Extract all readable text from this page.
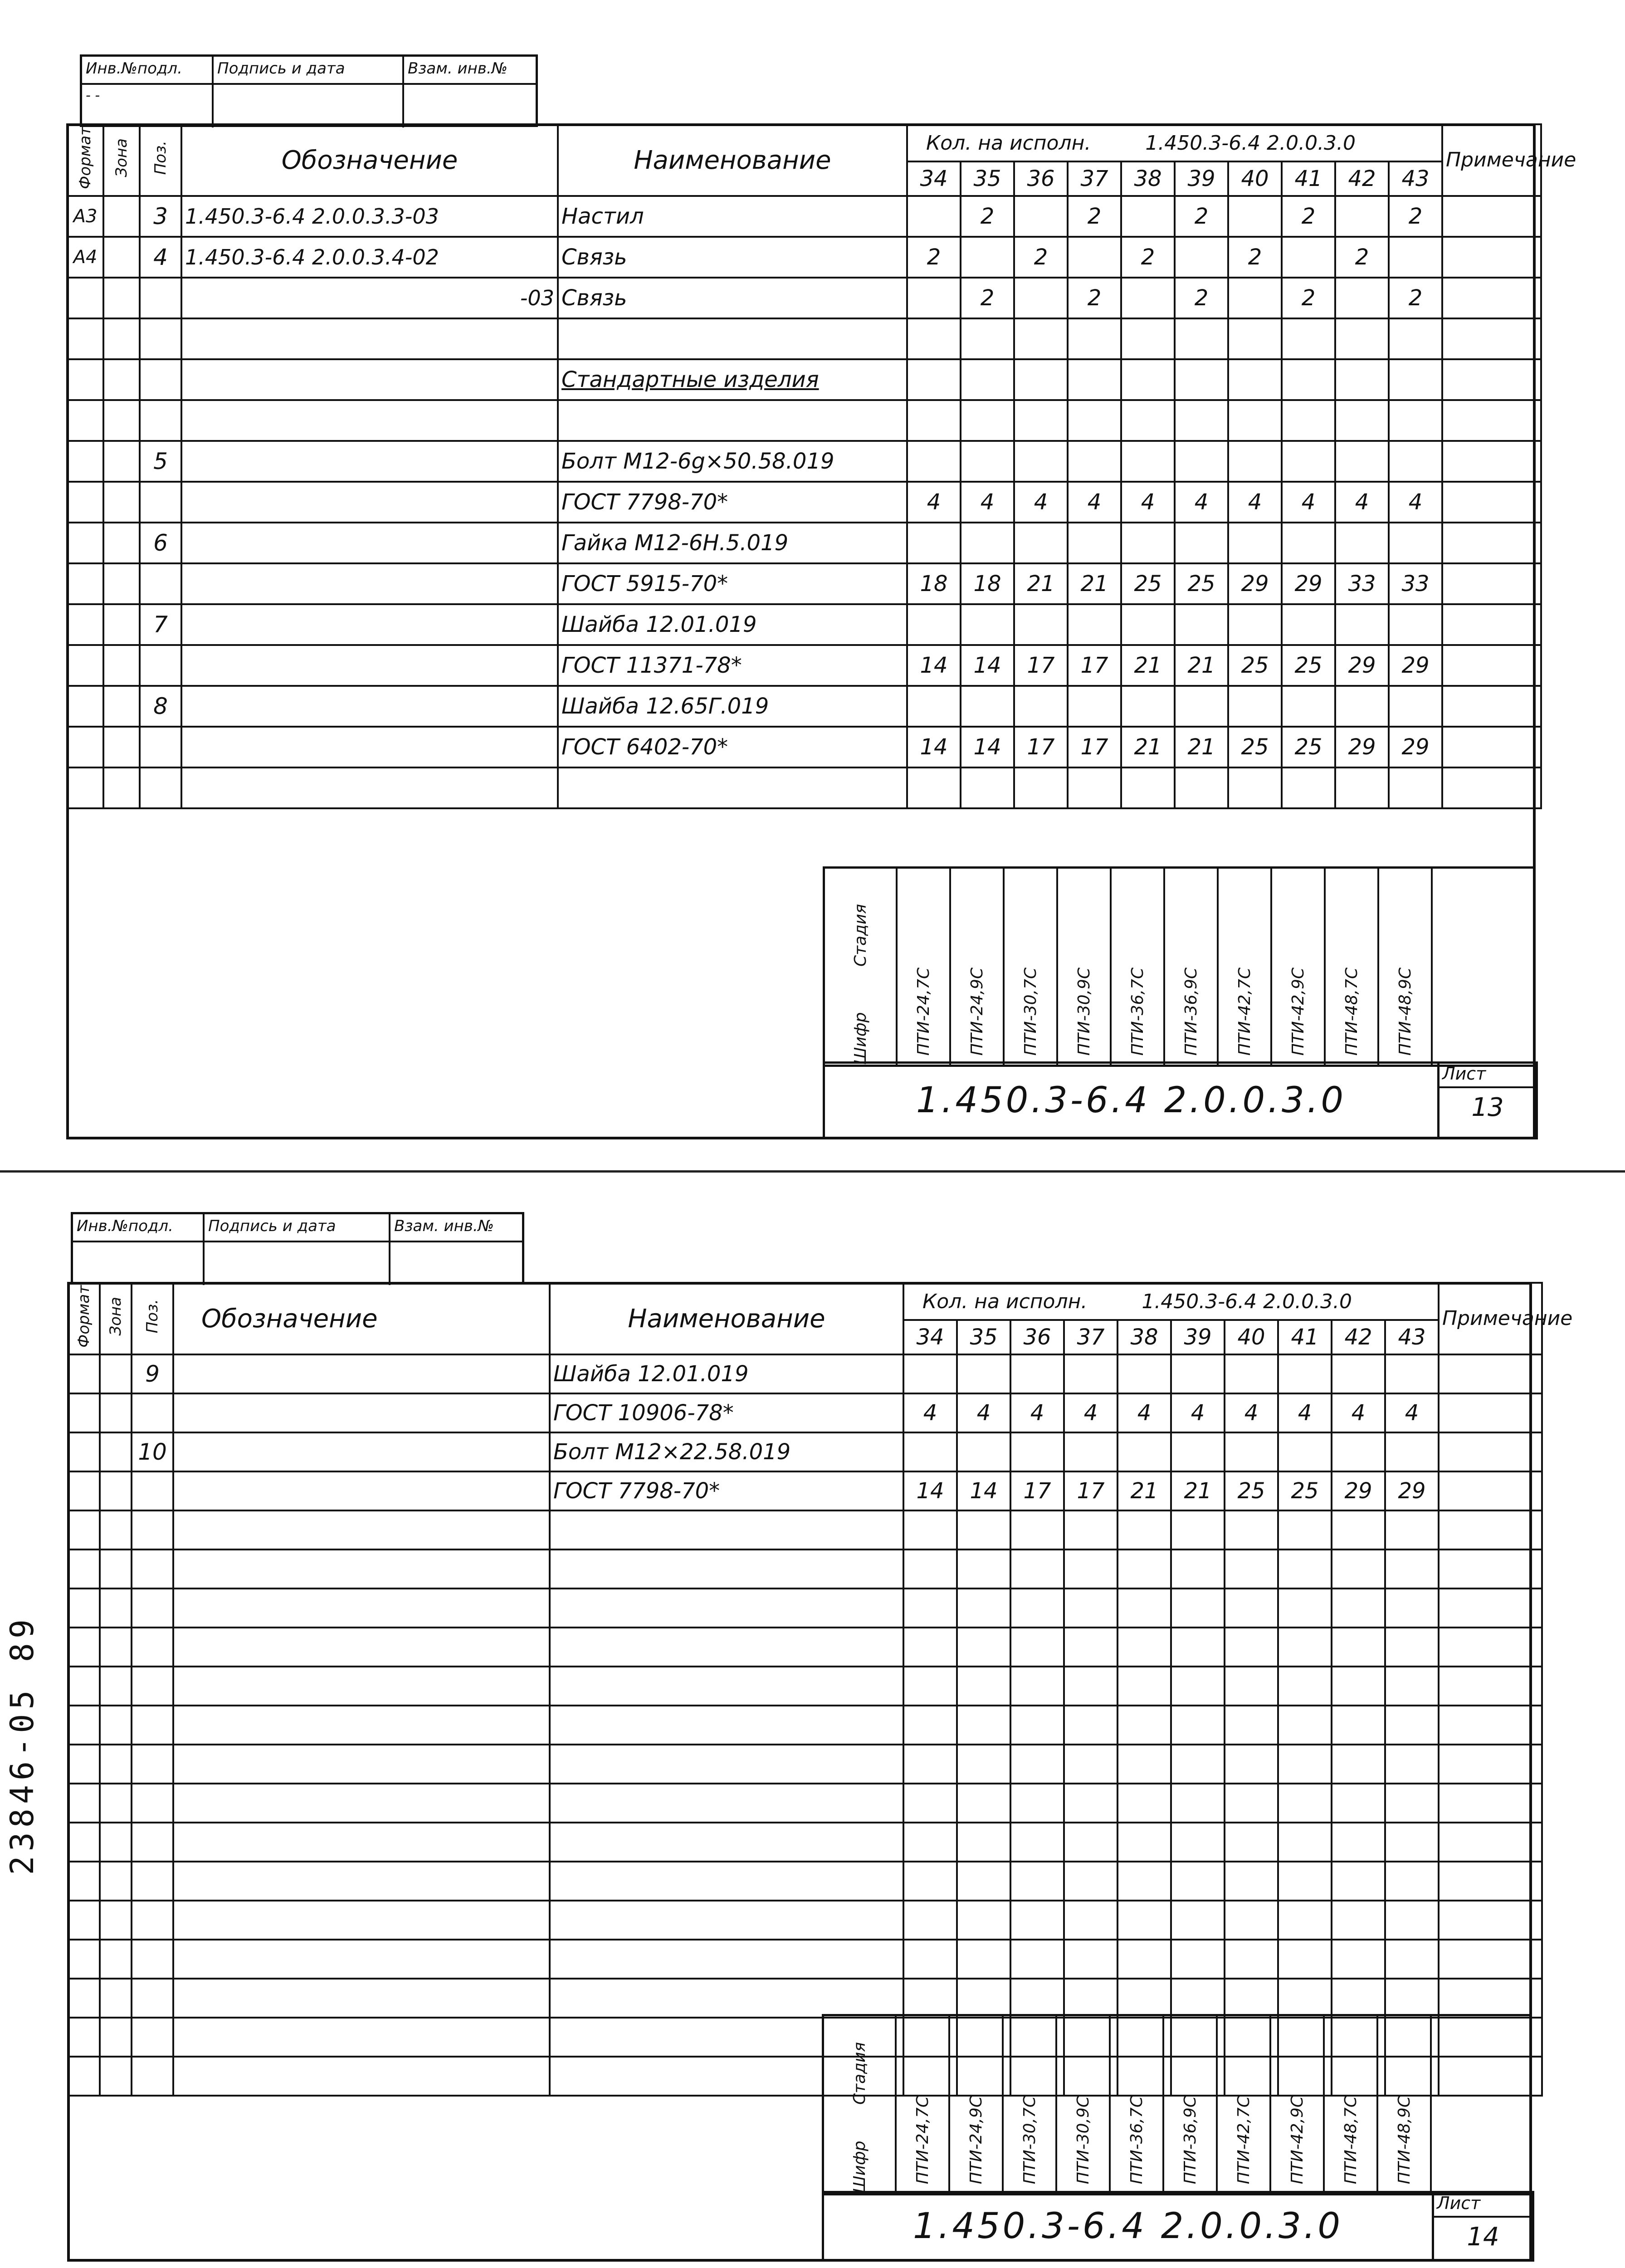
Инв.№подл.	Подпись и дата	Взам. инв.№
- -
Формат	Зона	Поз.	Обозначение	Наименование	Кол. на исполн. 1.450.3-6.4 2.0.0.3.0										Примечание
					34	35	36	37	38	39	40	41	42	43	
А3		3	1.450.3-6.4 2.0.0.3.3-03	Настил		2		2		2		2		2	
А4		4	1.450.3-6.4 2.0.0.3.4-02	Связь	2		2		2		2		2		
			-03	Связь		2		2		2		2		2	

				Стандартные изделия											

		5		Болт М12-6g×50.58.019											
				ГОСТ 7798-70*	4	4	4	4	4	4	4	4	4	4	
		6		Гайка М12-6Н.5.019											
				ГОСТ 5915-70*	18	18	21	21	25	25	29	29	33	33	
		7		Шайба 12.01.019											
				ГОСТ 11371-78*	14	14	17	17	21	21	25	25	29	29	
		8		Шайба 12.65Г.019											
				ГОСТ 6402-70*	14	14	17	17	21	21	25	25	29	29	

Стадия
Шифр	ПТИ-24,7С ПТИ-24,9С ПТИ-30,7С ПТИ-30,9С ПТИ-36,7С ПТИ-36,9С ПТИ-42,7С ПТИ-42,9С ПТИ-48,7С ПТИ-48,9С
1.450.3-6.4 2.0.0.3.0
Лист
13
Инв.№подл.	Подпись и дата	Взам. инв.№
Формат	Зона	Поз.	Обозначение	Наименование	Кол. на исполн. 1.450.3-6.4 2.0.0.3.0										Примечание
					34	35	36	37	38	39	40	41	42	43	
		9		Шайба 12.01.019											
				ГОСТ 10906-78*	4	4	4	4	4	4	4	4	4	4	
		10		Болт М12×22.58.019											
				ГОСТ 7798-70*	14	14	17	17	21	21	25	25	29	29	

Стадия
Шифр	ПТИ-24,7С ПТИ-24,9С ПТИ-30,7С ПТИ-30,9С ПТИ-36,7С ПТИ-36,9С ПТИ-42,7С ПТИ-42,9С ПТИ-48,7С ПТИ-48,9С
1.450.3-6.4 2.0.0.3.0
Лист
14
23846-05 89
